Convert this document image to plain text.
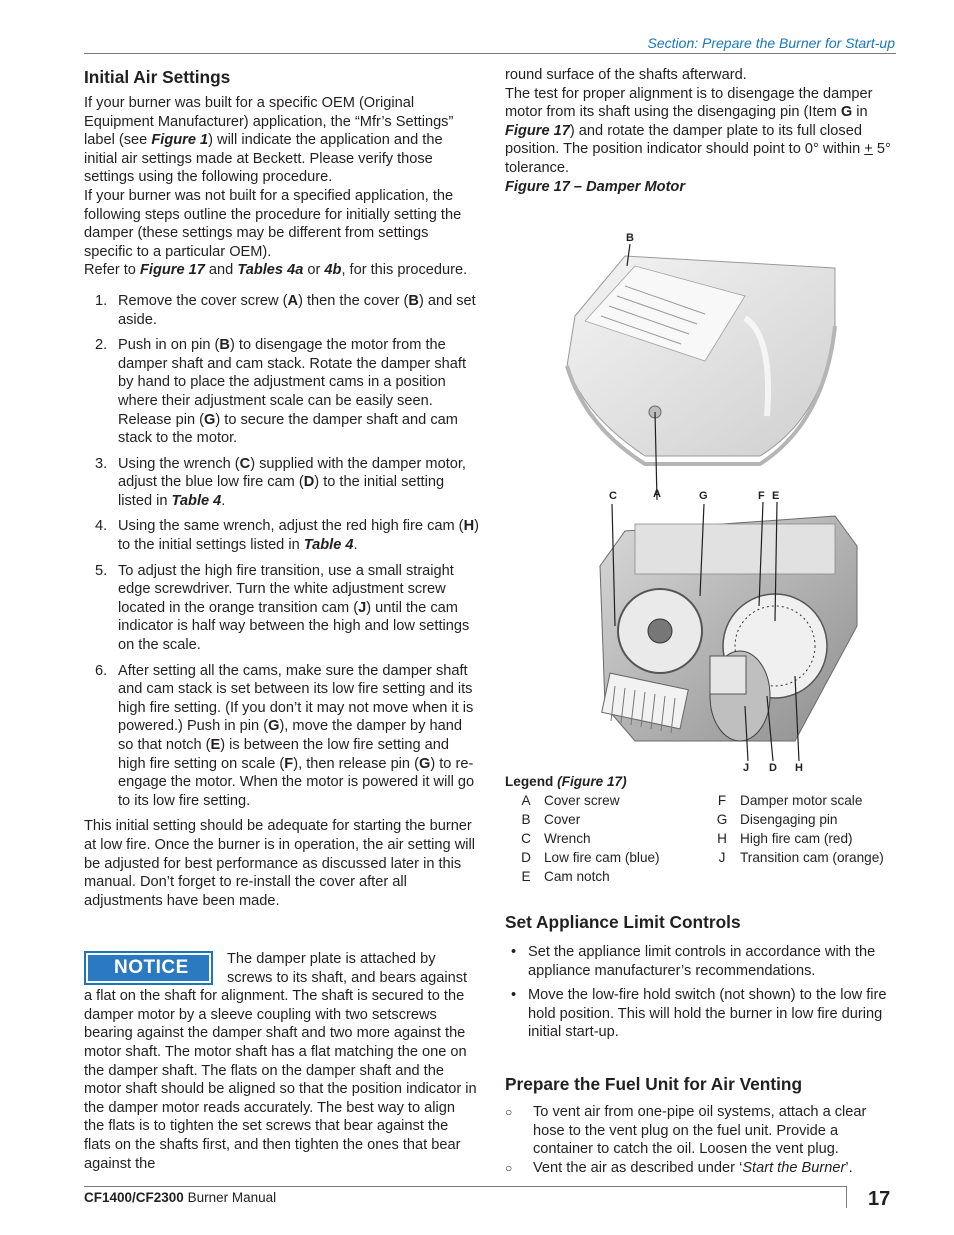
Section: Prepare the Burner for Start-up
Initial Air Settings

If your burner was built for a specific OEM (Original Equipment Manufacturer) application, the “Mfr’s Settings” label (see Figure 1) will indicate the application and the initial air settings made at Beckett. Please verify those settings using the following procedure.

If your burner was not built for a specified application, the following steps outline the procedure for initially setting the damper (these settings may be different from settings specific to a particular OEM).

Refer to Figure 17 and Tables 4a or 4b, for this procedure.

1. Remove the cover screw (A) then the cover (B) and set aside.
2. Push in on pin (B) to disengage the motor from the damper shaft and cam stack. Rotate the damper shaft by hand to place the adjustment cams in a position where their adjustment scale can be easily seen. Release pin (G) to secure the damper shaft and cam stack to the motor.
3. Using the wrench (C) supplied with the damper motor, adjust the blue low fire cam (D) to the initial setting listed in Table 4.
4. Using the same wrench, adjust the red high fire cam (H) to the initial settings listed in Table 4.
5. To adjust the high fire transition, use a small straight edge screwdriver. Turn the white adjustment screw located in the orange transition cam (J) until the cam indicator is half way between the high and low settings on the scale.
6. After setting all the cams, make sure the damper shaft and cam stack is set between its low fire setting and its high fire setting. (If you don’t it may not move when it is powered.) Push in pin (G), move the damper by hand so that notch (E) is between the low fire setting and high fire setting on scale (F), then release pin (G) to re-engage the motor. When the motor is powered it will go to its low fire setting.

This initial setting should be adequate for starting the burner at low fire. Once the burner is in operation, the air setting will be adjusted for best performance as discussed later in this manual. Don’t forget to re-install the cover after all adjustments have been made.

NOTICE	The damper plate is attached by screws to its shaft, and bears against a flat on the shaft for alignment. The shaft is secured to the damper motor by a sleeve coupling with two setscrews bearing against the damper shaft and two more against the motor shaft. The motor shaft has a flat matching the one on the damper shaft. The flats on the damper shaft and the motor shaft should be aligned so that the position indicator in the damper motor reads accurately. The best way to align the flats is to tighten the set screws that bear against the flats on the shafts first, and then tighten the ones that bear against the

round surface of the shafts afterward.

The test for proper alignment is to disengage the damper motor from its shaft using the disengaging pin (Item G in Figure 17) and rotate the damper plate to its full closed position. The position indicator should point to 0° within + 5° tolerance.

Figure 17 – Damper Motor

B
C	A	G	F E
J D H
Legend (Figure 17)
A Cover screw	F Damper motor scale
B Cover	G Disengaging pin
C Wrench	H High fire cam (red)
D Low fire cam (blue)	J Transition cam (orange)
E Cam notch
Set Appliance Limit Controls
• Set the appliance limit controls in accordance with the appliance manufacturer’s recommendations.
• Move the low-fire hold switch (not shown) to the low fire hold position. This will hold the burner in low fire during initial start-up.
Prepare the Fuel Unit for Air Venting
○ To vent air from one-pipe oil systems, attach a clear hose to the vent plug on the fuel unit. Provide a container to catch the oil. Loosen the vent plug.
○ Vent the air as described under ‘Start the Burner’.
CF1400/CF2300 Burner Manual	17
